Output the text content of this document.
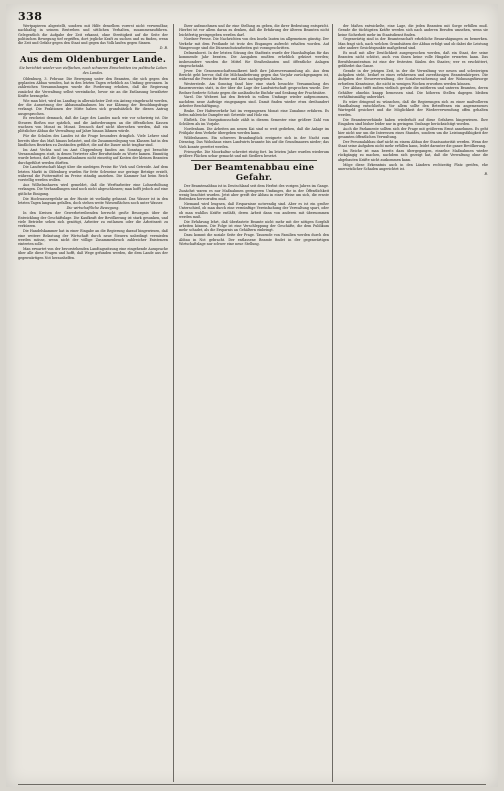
338

Wertpapieren abgestellt, sondern mit Hilfe desselben vorerst nicht verwendbar, nachhaltig in seinem Bestreben und sittlichen Verhalten, zusammenzuführen. Gelegentlich die Aufgabe der Zeit erkannt, ohne Streitigkeit auf die Seite der politischen Bewegung tief ergriffen, dort jegliche Kraft zu suchen und zu finden, wenn die Zeit und Gefahr gegen den Staat und gegen das Volk laufen gegen Sinnen.

D. B.

Aus dem Oldenburger Lande.
Sie berichtet wieder von vielfachen, noch schweren Einschnitten ins politische Leben des Landes.

Oldenburg, 3. Februar. Die Bewegung unter den Beamten, die sich gegen den geplanten Abbau wenden, hat in den letzten Tagen erheblich an Umfang gewonnen. In zahlreichen Versammlungen wurde die Forderung erhoben, daß die Regierung zunächst die Verwaltung selbst vereinfache, bevor sie an die Entlassung bewährter Kräfte herangehe.

Wie man hört, wird im Landtag in allernächster Zeit ein Antrag eingebracht werden, der die Aussetzung der Abbaumaßnahmen bis zur Klärung der Besoldungsfrage verlangt. Die Fraktionen der Mitte haben sich grundsätzlich für diesen Antrag ausgesprochen.

Es erscheint demnach, daß die Lage des Landes nach wie vor schwierig ist. Die Steuern fließen nur spärlich, und die Anforderungen an die öffentlichen Kassen wachsen von Monat zu Monat. Dennoch darf nicht übersehen werden, daß ein plötzlicher Abbau die Verwaltung auf Jahre hinaus lähmen würde.

Für die Schulen des Landes ist die Frage besonders dringlich. Viele Lehrer sind bereits über das Maß hinaus belastet, und die Zusammenlegung von Klassen hat in den ländlichen Bezirken zu Zuständen geführt, die auf die Dauer nicht tragbar sind.

Im Amt Vechta und im Amt Cloppenburg fanden am Sonntag gut besuchte Versammlungen statt, in denen Vertreter aller Berufsstände zu Worte kamen. Einmütig wurde betont, daß die Sparmaßnahmen nicht einseitig auf Kosten der kleinen Beamten durchgeführt werden dürften.

Die Landwirtschaft klagt über die niedrigen Preise für Vieh und Getreide. Auf dem letzten Markt in Oldenburg wurden für fette Schweine nur geringe Beträge erzielt, während die Futtermittel im Preise ständig anziehen. Die Kammer hat beim Reich vorstellig werden wollen.

Aus Wilhelmshaven wird gemeldet, daß die Werftarbeiter eine Lohnerhöhung verlangen. Die Verhandlungen sind noch nicht abgeschlossen; man hofft jedoch auf eine gütliche Einigung.

Die Hochwassergefahr an der Hunte ist vorläufig gebannt. Das Wasser ist in den letzten Tagen langsam gefallen, doch stehen weite Wiesenflächen noch unter Wasser.

Die wirtschaftliche Bewegung.

In den Kreisen der Gewerbetreibenden herrscht große Besorgnis über die Entwicklung der Geschäftslage. Die Kaufkraft der Bevölkerung ist stark gesunken, und viele Betriebe sehen sich genötigt, Arbeiter zu entlassen oder die Arbeitszeit zu verkürzen.

Die Handelskammer hat in einer Eingabe an die Regierung darauf hingewiesen, daß eine weitere Belastung der Wirtschaft durch neue Steuern unbedingt vermieden werden müsse, wenn nicht der völlige Zusammenbruch zahlreicher Existenzen eintreten solle.

Man erwartet von der bevorstehenden Landtagssitzung eine eingehende Aussprache über alle diese Fragen und hofft, daß Wege gefunden werden, die dem Lande aus der gegenwärtigen Not heraushelfen.

Ihrer aufzunehmen und ihr eine Stellung zu geben, die ihrer Bedeutung entspricht. Hierbei ist vor allem daran zu denken, daß die Erfahrung der älteren Beamten nicht leichtfertig preisgegeben werden darf.

Nordsee-Presse. Die Nachrichten von den Inseln lauten im allgemeinen günstig. Der Verkehr mit dem Festlande ist trotz des Eisganges aufrecht erhalten worden. Auf Wangerooge sind die Dünenschutzarbeiten gut vorangeschritten.

Delmenhorst. In der letzten Sitzung des Stadtrats wurde der Haushaltsplan für das kommende Jahr beraten. Die Ausgaben mußten erheblich gekürzt werden; insbesondere wurden die Mittel für Straßenbauten und öffentliche Anlagen eingeschränkt.

Jever. Die Genossenschaftsmolkerei hielt ihre Jahresversammlung ab. Aus dem Bericht geht hervor, daß die Milchanlieferung gegen das Vorjahr zurückgegangen ist, während die Preise für Butter und Käse nachgegeben haben.

Westerstede. Am Sonntag fand hier eine stark besuchte Versammlung des Bauernvereins statt, in der über die Lage der Landwirtschaft gesprochen wurde. Der Redner forderte Schutz gegen die ausländische Einfuhr und Senkung der Frachtsätze.

Varel. Die Weberei hat den Betrieb in vollem Umfange wieder aufgenommen, nachdem neue Aufträge eingegangen sind. Damit finden wieder etwa dreihundert Arbeiter Beschäftigung.

Brake. Der Hafenverkehr hat im vergangenen Monat eine Zunahme erfahren. Es liefen zahlreiche Dampfer mit Getreide und Holz ein.

Elsfleth. Die Navigationsschule zählt in diesem Semester eine größere Zahl von Schülern als im Vorjahr.

Nordenham. Die Arbeiten am neuen Kai sind so weit gediehen, daß die Anlage im Frühjahr dem Verkehr übergeben werden kann.

Wildeshausen. Ein schweres Brandunglück ereignete sich in der Nacht zum Dienstag. Das Wohnhaus eines Landwirts brannte bis auf die Grundmauern nieder; das Vieh konnte gerettet werden.

Friesoythe. Die Moorkultur schreitet rüstig fort. Im letzten Jahre wurden wiederum größere Flächen urbar gemacht und mit Siedlern besetzt.

Der Beamtenabbau eine Gefahr.

Der Beamtenabbau ist in Deutschland seit dem Herbst des vorigen Jahres im Gange. Zunächst waren es nur Maßnahmen geringeren Umfanges, die in der Öffentlichkeit wenig beachtet wurden. Jetzt aber greift der Abbau in einer Weise um sich, die ernste Bedenken hervorrufen muß.

Niemand wird leugnen, daß Ersparnisse notwendig sind. Aber es ist ein großer Unterschied, ob man durch eine vernünftige Vereinfachung der Verwaltung spart, oder ob man wahllos Kräfte entläßt, deren Arbeit dann von anderen mit übernommen werden muß.

Die Erfahrung lehrt, daß überlastete Beamte nicht mehr mit der nötigen Sorgfalt arbeiten können. Die Folge ist eine Verschleppung der Geschäfte, die dem Publikum mehr schadet, als die Ersparnis an Gehältern einbringt.

Dazu kommt die soziale Seite der Frage. Tausende von Familien werden durch den Abbau in Not gebracht. Der entlassene Beamte findet in der gegenwärtigen Wirtschaftslage nur schwer eine neue Stellung.

der Maßen entwickelte, eine Lage, die jeden Beamten mit Sorge erfüllen muß. Gerade die tüchtigsten Kräfte werden sich nach anderen Berufen umsehen, wenn sie keine Sicherheit mehr im Staatsdienst finden.

Gegenwärtig sind in der Beamtenschaft erhebliche Beunruhigungen zu bemerken. Man fragt sich, nach welchen Grundsätzen der Abbau erfolgt und ob dabei die Leistung oder andere Gesichtspunkte maßgebend sind.

Es muß mit aller Deutlichkeit ausgesprochen werden, daß ein Staat, der seine Beamten nicht schützt, auch von ihnen keine volle Hingabe erwarten kann. Das Berufsbeamtentum ist eine der festesten Säulen des Staates; wer es erschüttert, gefährdet das Ganze.

Gerade in der jetzigen Zeit, in der die Verwaltung vor neuen und schwierigen Aufgaben steht, bedarf es eines erfahrenen und zuverlässigen Beamtenkörpers. Die Aufgaben der Steuerverwaltung, der Sozialversicherung und der Wohnungsfürsorge erfordern Kenntnisse, die nicht in wenigen Wochen erworben werden können.

Der Abbau trifft zudem vielfach gerade die mittleren und unteren Beamten, deren Gehälter ohnehin knapp bemessen sind. Die höheren Stellen dagegen bleiben verhältnismäßig unberührt.

Es wäre dringend zu wünschen, daß die Regierungen sich zu einer maßvolleren Handhabung entschließen. Vor allem sollte den Betroffenen ein angemessenes Wartegeld gesichert und die Möglichkeit der Wiederverwendung offen gehalten werden.

Die Beamtenverbände haben wiederholt auf diese Gefahren hingewiesen. Ihre Eingaben sind bisher leider nur in geringem Umfange berücksichtigt worden.

Auch die Parlamente sollten sich der Frage mit größerem Ernst annehmen. Es geht hier nicht nur um die Interessen eines Standes, sondern um die Leistungsfähigkeit der gesamten öffentlichen Verwaltung.

Der Personalabbau darf nicht zu einem Abbau der Staatsautorität werden. Wenn der Staat seine Aufgaben nicht mehr erfüllen kann, leidet darunter die ganze Bevölkerung.

Im Reiche ist man bereits dazu übergegangen, einzelne Maßnahmen wieder rückgängig zu machen, nachdem sich gezeigt hat, daß die Verwaltung ohne die abgebauten Kräfte nicht auskommen kann.

Möge diese Erkenntnis auch in den Ländern rechtzeitig Platz greifen, ehe unersetzlicher Schaden angerichtet ist.

B.
